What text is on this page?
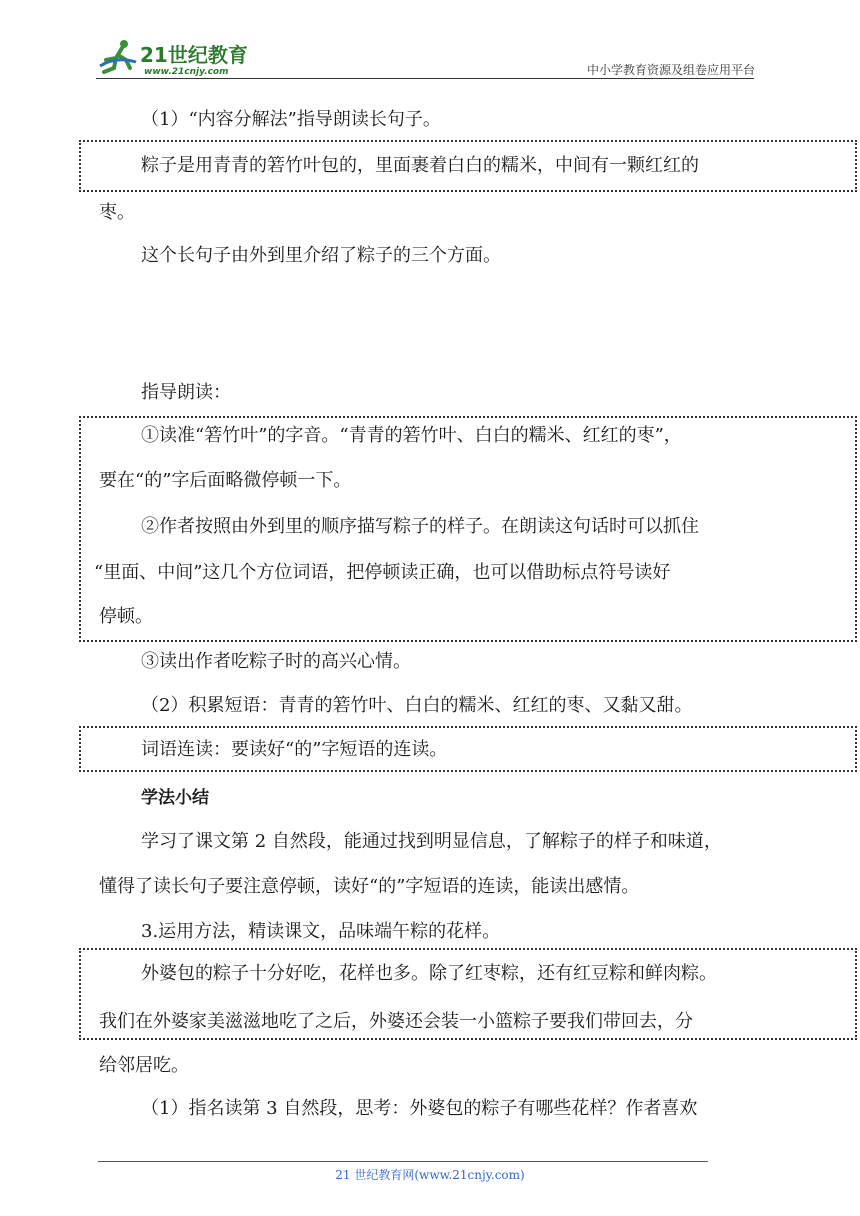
21世纪教育
www.21cnjy.com	中小学教育资源及组卷应用平台
（1）“内容分解法”指导朗读长句子。
粽子是用青青的箬竹叶包的，里面裹着白白的糯米，中间有一颗红红的
枣。
这个长句子由外到里介绍了粽子的三个方面。
指导朗读：
①读准“箬竹叶”的字音。“青青的箬竹叶、白白的糯米、红红的枣”，
要在“的”字后面略微停顿一下。
②作者按照由外到里的顺序描写粽子的样子。在朗读这句话时可以抓住
“里面、中间”这几个方位词语，把停顿读正确，也可以借助标点符号读好
停顿。
③读出作者吃粽子时的高兴心情。
（2）积累短语：青青的箬竹叶、白白的糯米、红红的枣、又黏又甜。
词语连读：要读好“的”字短语的连读。
学法小结
学习了课文第 2 自然段，能通过找到明显信息，了解粽子的样子和味道，
懂得了读长句子要注意停顿，读好“的”字短语的连读，能读出感情。
3.运用方法，精读课文，品味端午粽的花样。
外婆包的粽子十分好吃，花样也多。除了红枣粽，还有红豆粽和鲜肉粽。
我们在外婆家美滋滋地吃了之后，外婆还会装一小篮粽子要我们带回去，分
给邻居吃。
（1）指名读第 3 自然段，思考：外婆包的粽子有哪些花样？作者喜欢
21 世纪教育网(www.21cnjy.com)
